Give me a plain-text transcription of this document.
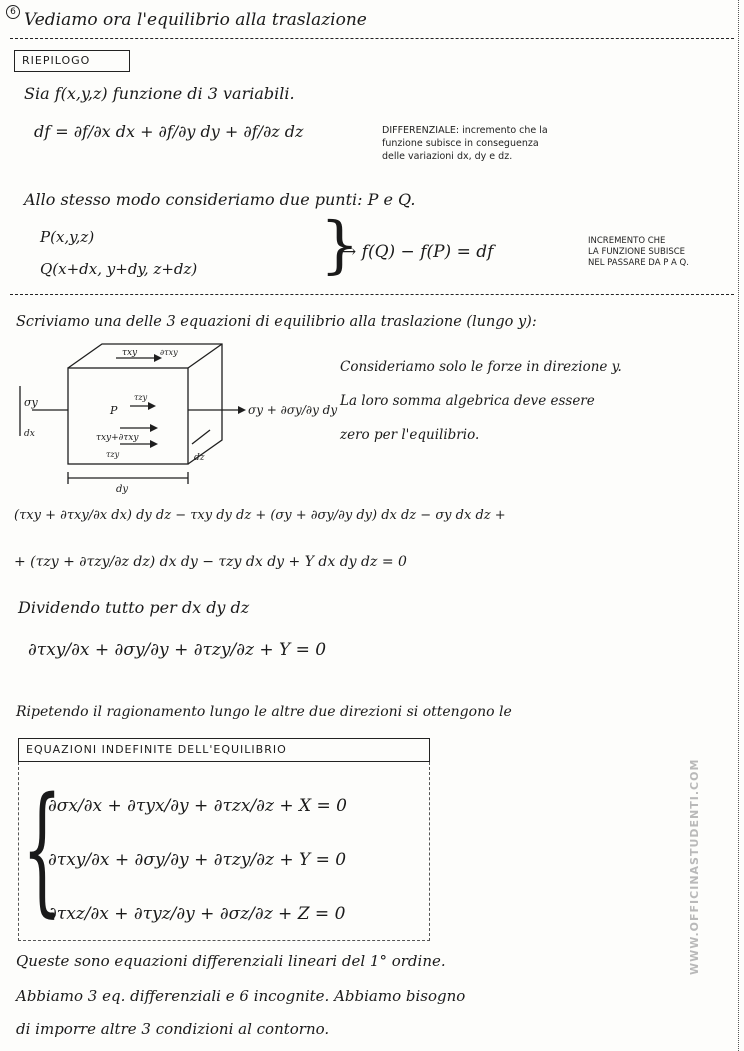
6 Vediamo ora l'equilibrio alla traslazione
RIEPILOGO
Sia f(x,y,z) funzione di 3 variabili.
df = ∂f/∂x dx + ∂f/∂y dy + ∂f/∂z dz	DIFFERENZIALE: incremento che la
funzione subisce in conseguenza
delle variazioni dx, dy e dz.
Allo stesso modo consideriamo due punti: P e Q.
P(x,y,z)
Q(x+dx, y+dy, z+dz) }
→ f(Q) − f(P) = df
INCREMENTO CHE
LA FUNZIONE SUBISCE
NEL PASSARE DA P A Q.
Scriviamo una delle 3 equazioni di equilibrio alla traslazione (lungo y):
τxy	∂τxy
σy
P
τzy
τxy+∂τxy
τzy
dy
dz
dx
σy + ∂σy/∂y dy
Consideriamo solo le forze in direzione y.
La loro somma algebrica deve essere
zero per l'equilibrio.
(τxy + ∂τxy/∂x dx) dy dz − τxy dy dz + (σy + ∂σy/∂y dy) dx dz − σy dx dz +
+ (τzy + ∂τzy/∂z dz) dx dy − τzy dx dy + Y dx dy dz = 0
Dividendo tutto per dx dy dz
∂τxy/∂x + ∂σy/∂y + ∂τzy/∂z + Y = 0
Ripetendo il ragionamento lungo le altre due direzioni si ottengono le
EQUAZIONI INDEFINITE DELL'EQUILIBRIO
{
∂σx/∂x + ∂τyx/∂y + ∂τzx/∂z + X = 0
∂τxy/∂x + ∂σy/∂y + ∂τzy/∂z + Y = 0
∂τxz/∂x + ∂τyz/∂y + ∂σz/∂z + Z = 0
Queste sono equazioni differenziali lineari del 1° ordine.
Abbiamo 3 eq. differenziali e 6 incognite. Abbiamo bisogno
di imporre altre 3 condizioni al contorno.
WWW.OFFICINASTUDENTI.COM
